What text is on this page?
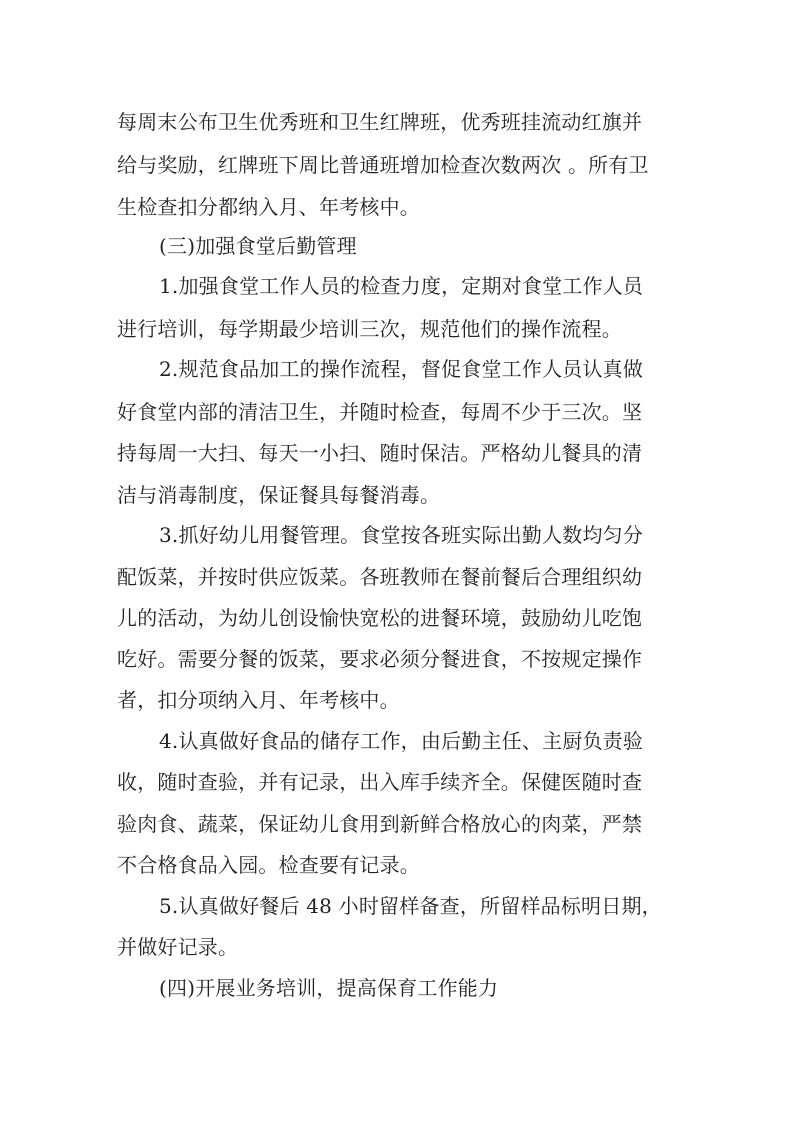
每周末公布卫生优秀班和卫生红牌班，优秀班挂流动红旗并

给与奖励，红牌班下周比普通班增加检查次数两次 。所有卫

生检查扣分都纳入月、年考核中。

(三)加强食堂后勤管理

1.加强食堂工作人员的检查力度，定期对食堂工作人员

进行培训，每学期最少培训三次，规范他们的操作流程。

2.规范食品加工的操作流程，督促食堂工作人员认真做

好食堂内部的清洁卫生，并随时检查，每周不少于三次。坚

持每周一大扫、每天一小扫、随时保洁。严格幼儿餐具的清

洁与消毒制度，保证餐具每餐消毒。

3.抓好幼儿用餐管理。食堂按各班实际出勤人数均匀分

配饭菜，并按时供应饭菜。各班教师在餐前餐后合理组织幼

儿的活动，为幼儿创设愉快宽松的进餐环境，鼓励幼儿吃饱

吃好。需要分餐的饭菜，要求必须分餐进食，不按规定操作

者，扣分项纳入月、年考核中。

4.认真做好食品的储存工作，由后勤主任、主厨负责验

收，随时查验，并有记录，出入库手续齐全。保健医随时查

验肉食、蔬菜，保证幼儿食用到新鲜合格放心的肉菜，严禁

不合格食品入园。检查要有记录。

5.认真做好餐后 48 小时留样备查，所留样品标明日期，

并做好记录。

(四)开展业务培训，提高保育工作能力
